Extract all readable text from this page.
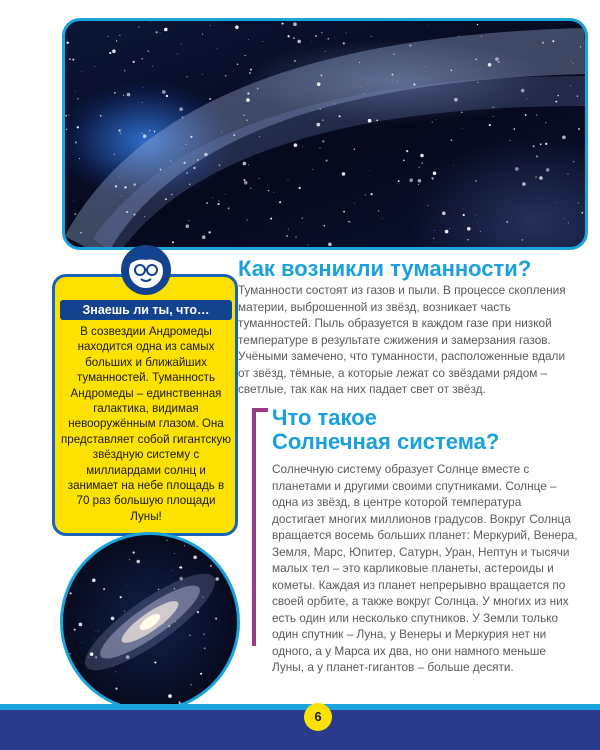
Знаешь ли ты, что…
В созвездии Андромеды находится одна из самых больших и ближайших туманностей. Туманность Андромеды – единственная галактика, видимая невооружённым глазом. Она представляет собой гигантскую звёздную систему с миллиардами солнц и занимает на небе площадь в 70 раз большую площади Луны!
Как возникли туманности?

Туманности состоят из газов и пыли. В процессе скопления материи, выброшенной из звёзд, возникает часть туманностей. Пыль образуется в каждом газе при низкой температуре в результате сжижения и замерзания газов. Учёными замечено, что туманности, расположенные вдали от звёзд, тёмные, а которые лежат со звёздами рядом – светлые, так как на них падает свет от звёзд.

Что такое
Солнечная система?

Солнечную систему образует Солнце вместе с планетами и другими своими спутниками. Солнце – одна из звёзд, в центре которой температура достигает многих миллионов градусов. Вокруг Солнца вращается восемь больших планет: Меркурий, Венера, Земля, Марс, Юпитер, Сатурн, Уран, Нептун и тысячи малых тел – это карликовые планеты, астероиды и кометы. Каждая из планет непрерывно вращается по своей орбите, а также вокруг Солнца. У многих из них есть один или несколько спутников. У Земли только один спутник – Луна, у Венеры и Меркурия нет ни одного, а у Марса их два, но они намного меньше Луны, а у планет-гигантов – больше десяти.

6
